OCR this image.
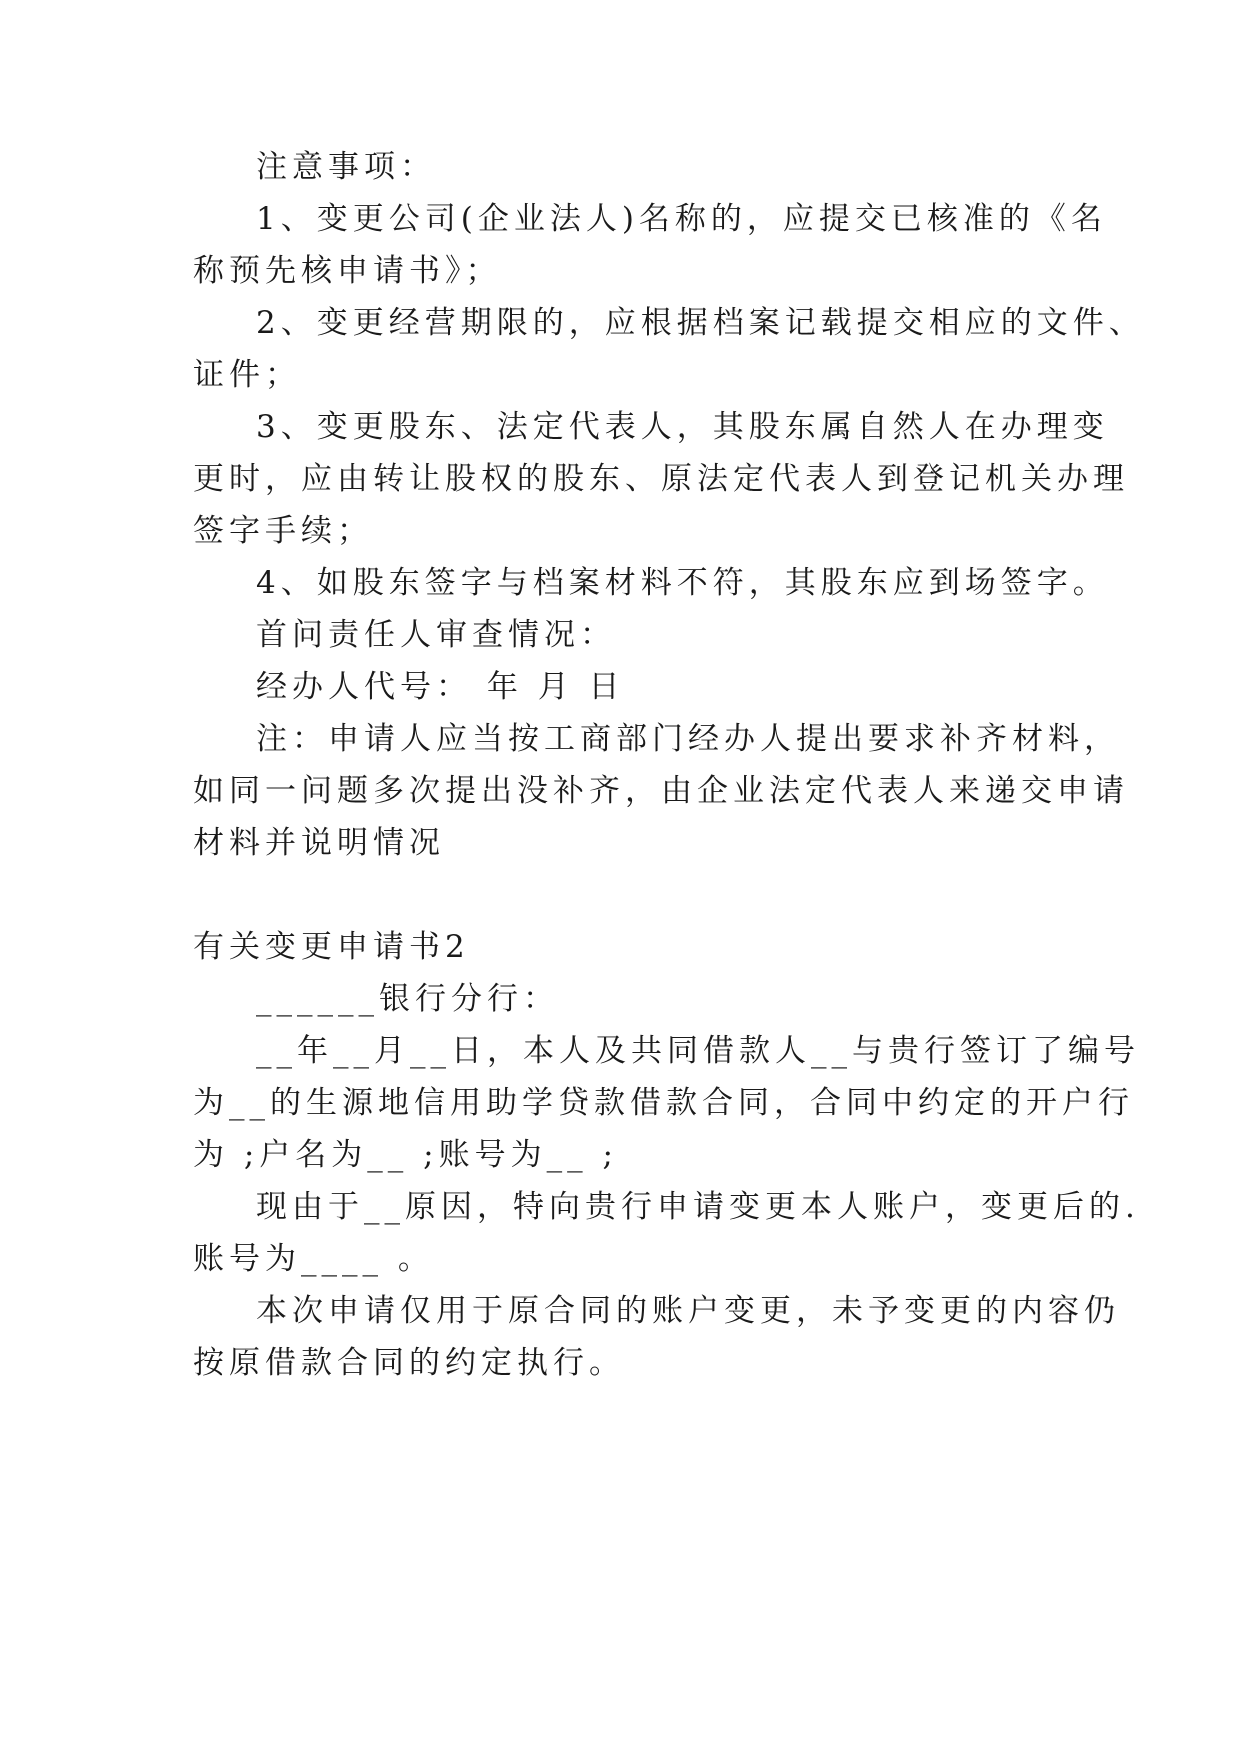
注意事项：
1、变更公司(企业法人)名称的，应提交已核准的《名
称预先核申请书》；
2、变更经营期限的，应根据档案记载提交相应的文件、
证件；
3、变更股东、法定代表人，其股东属自然人在办理变
更时，应由转让股权的股东、原法定代表人到登记机关办理
签字手续；
4、如股东签字与档案材料不符，其股东应到场签字。
首问责任人审查情况：
经办人代号： 年 月 日
注：申请人应当按工商部门经办人提出要求补齐材料，
如同一问题多次提出没补齐，由企业法定代表人来递交申请
材料并说明情况
有关变更申请书2
______银行分行：
__年__月__日，本人及共同借款人__与贵行签订了编号
为__的生源地信用助学贷款借款合同，合同中约定的开户行
为 ;户名为__ ;账号为__ ;
现由于__原因，特向贵行申请变更本人账户，变更后的.
账号为____ 。
本次申请仅用于原合同的账户变更，未予变更的内容仍
按原借款合同的约定执行。
